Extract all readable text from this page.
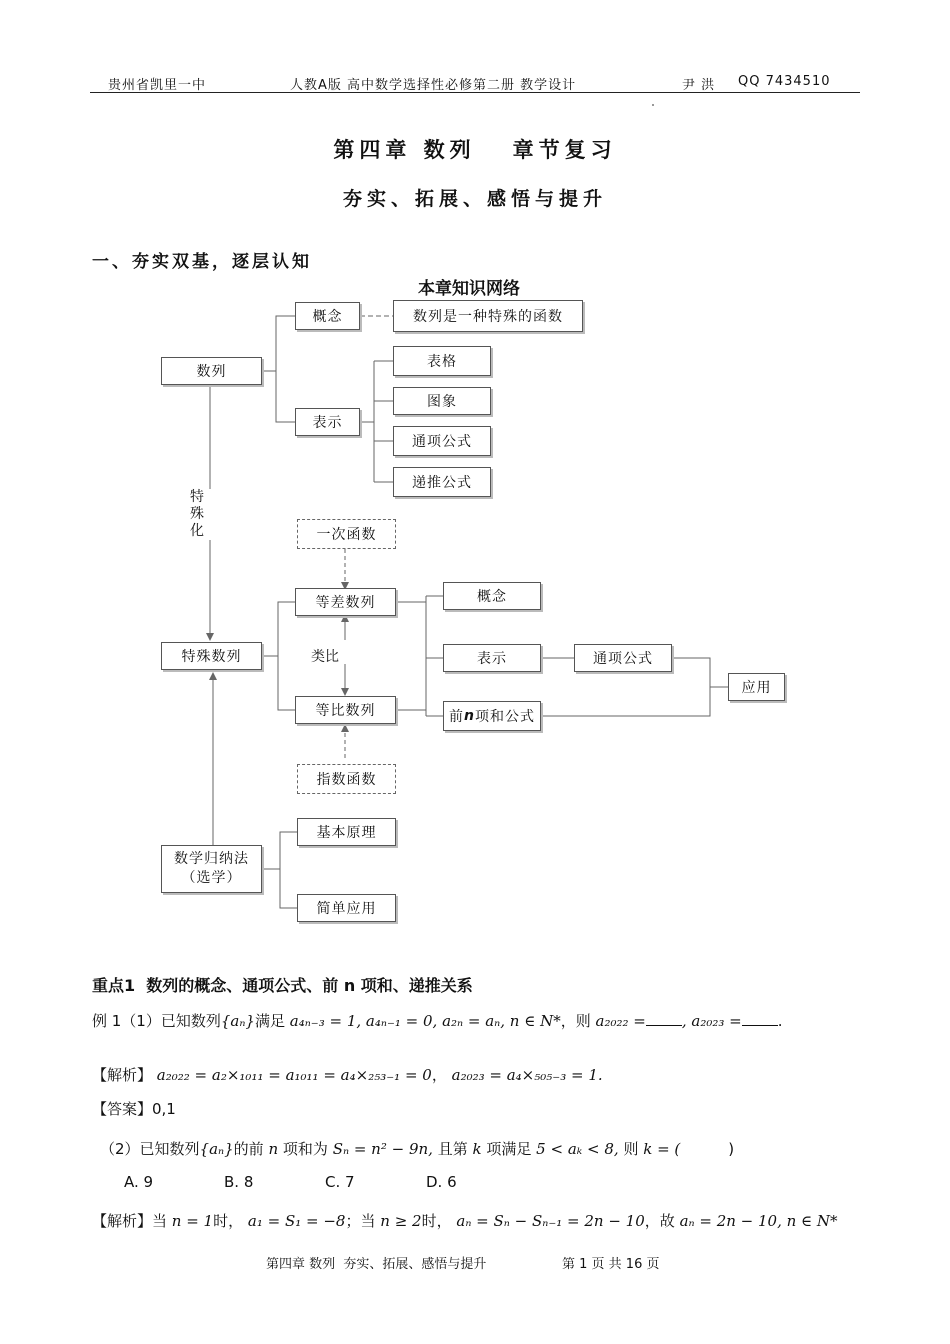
贵州省凯里一中	人教A版 高中数学选择性必修第二册 教学设计	尹 洪 QQ 7434510
第四章 数列   章节复习
夯实、拓展、感悟与提升
一、夯实双基，逐层认知
本章知识网络
数列
概念	数列是一种特殊的函数
表示
表格
图象
通项公式
递推公式
特殊化	一次函数
等差数列
类比
等比数列
指数函数
特殊数列
概念
表示	通项公式
前 n 项和公式
应用
数学归纳法
（选学）
基本原理
简单应用
重点1  数列的概念、通项公式、前 n 项和、递推关系
例 1（1）已知数列{aₙ}满足 a₄ₙ₋₃ = 1, a₄ₙ₋₁ = 0, a₂ₙ = aₙ, n ∈ N*，则 a₂₀₂₂ = , a₂₀₂₃ = .
【解析】 a₂₀₂₂ = a₂×₁₀₁₁ = a₁₀₁₁ = a₄×₂₅₃₋₁ = 0， a₂₀₂₃ = a₄×₅₀₅₋₃ = 1.
【答案】0,1
（2）已知数列{aₙ}的前 n 项和为 Sₙ = n² − 9n, 且第 k 项满足 5 < aₖ < 8, 则 k = (	)
A. 9	B. 8	C. 7	D. 6
【解析】当 n = 1时， a₁ = S₁ = −8；当 n ≥ 2时， aₙ = Sₙ − Sₙ₋₁ = 2n − 10，故 aₙ = 2n − 10, n ∈ N*
第四章 数列  夯实、拓展、感悟与提升	第 1 页 共 16 页
